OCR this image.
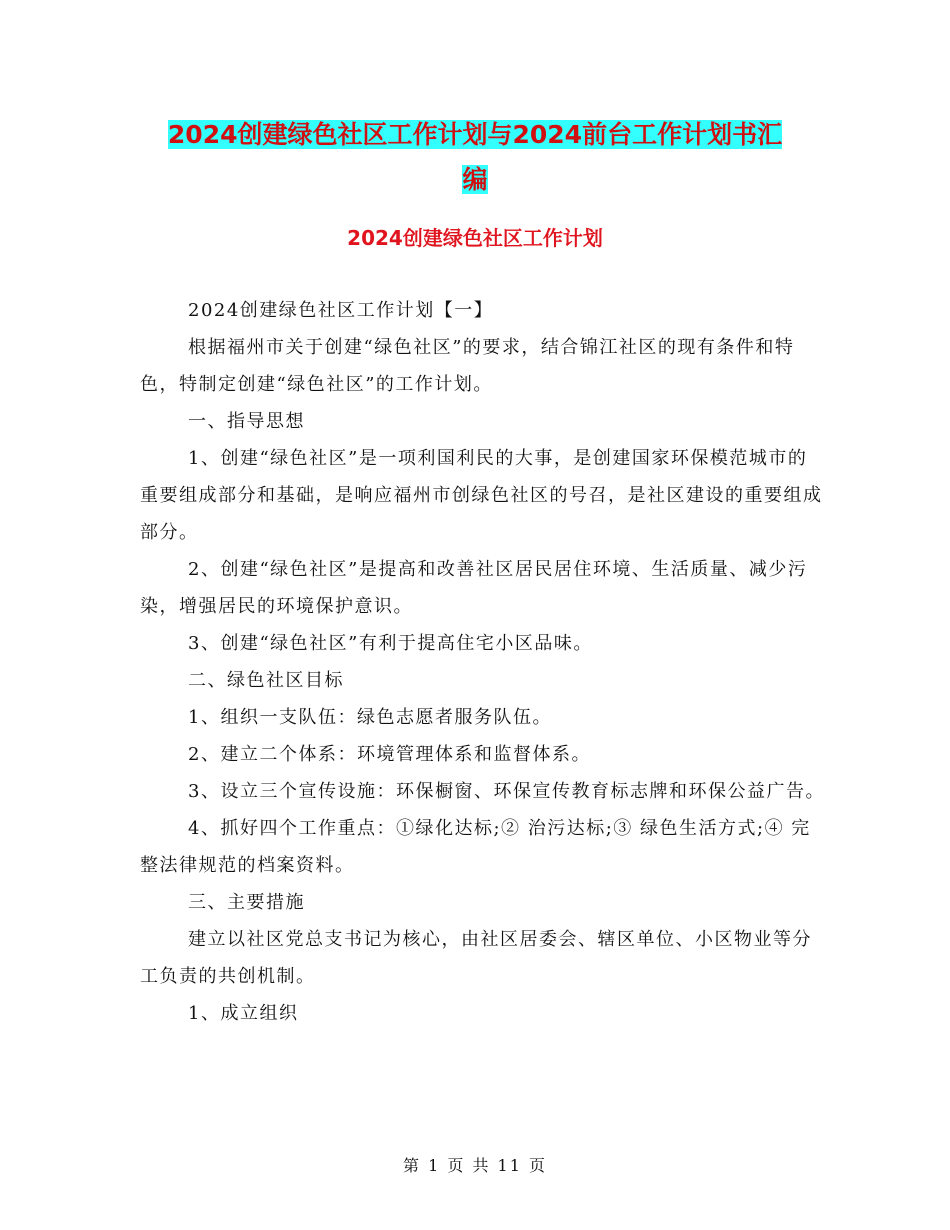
2024创建绿色社区工作计划与2024前台工作计划书汇
编
2024创建绿色社区工作计划

2024创建绿色社区工作计划【一】

根据福州市关于创建“绿色社区”的要求，结合锦江社区的现有条件和特色，特制定创建“绿色社区”的工作计划。

一、指导思想

1、创建“绿色社区”是一项利国利民的大事，是创建国家环保模范城市的重要组成部分和基础，是响应福州市创绿色社区的号召，是社区建设的重要组成部分。

2、创建“绿色社区”是提高和改善社区居民居住环境、生活质量、减少污染，增强居民的环境保护意识。

3、创建“绿色社区”有利于提高住宅小区品味。

二、绿色社区目标

1、组织一支队伍：绿色志愿者服务队伍。

2、建立二个体系：环境管理体系和监督体系。

3、设立三个宣传设施：环保橱窗、环保宣传教育标志牌和环保公益广告。

4、抓好四个工作重点：①绿化达标;② 治污达标;③ 绿色生活方式;④ 完整法律规范的档案资料。

三、主要措施

建立以社区党总支书记为核心，由社区居委会、辖区单位、小区物业等分工负责的共创机制。

1、成立组织

第 1 页 共 11 页
